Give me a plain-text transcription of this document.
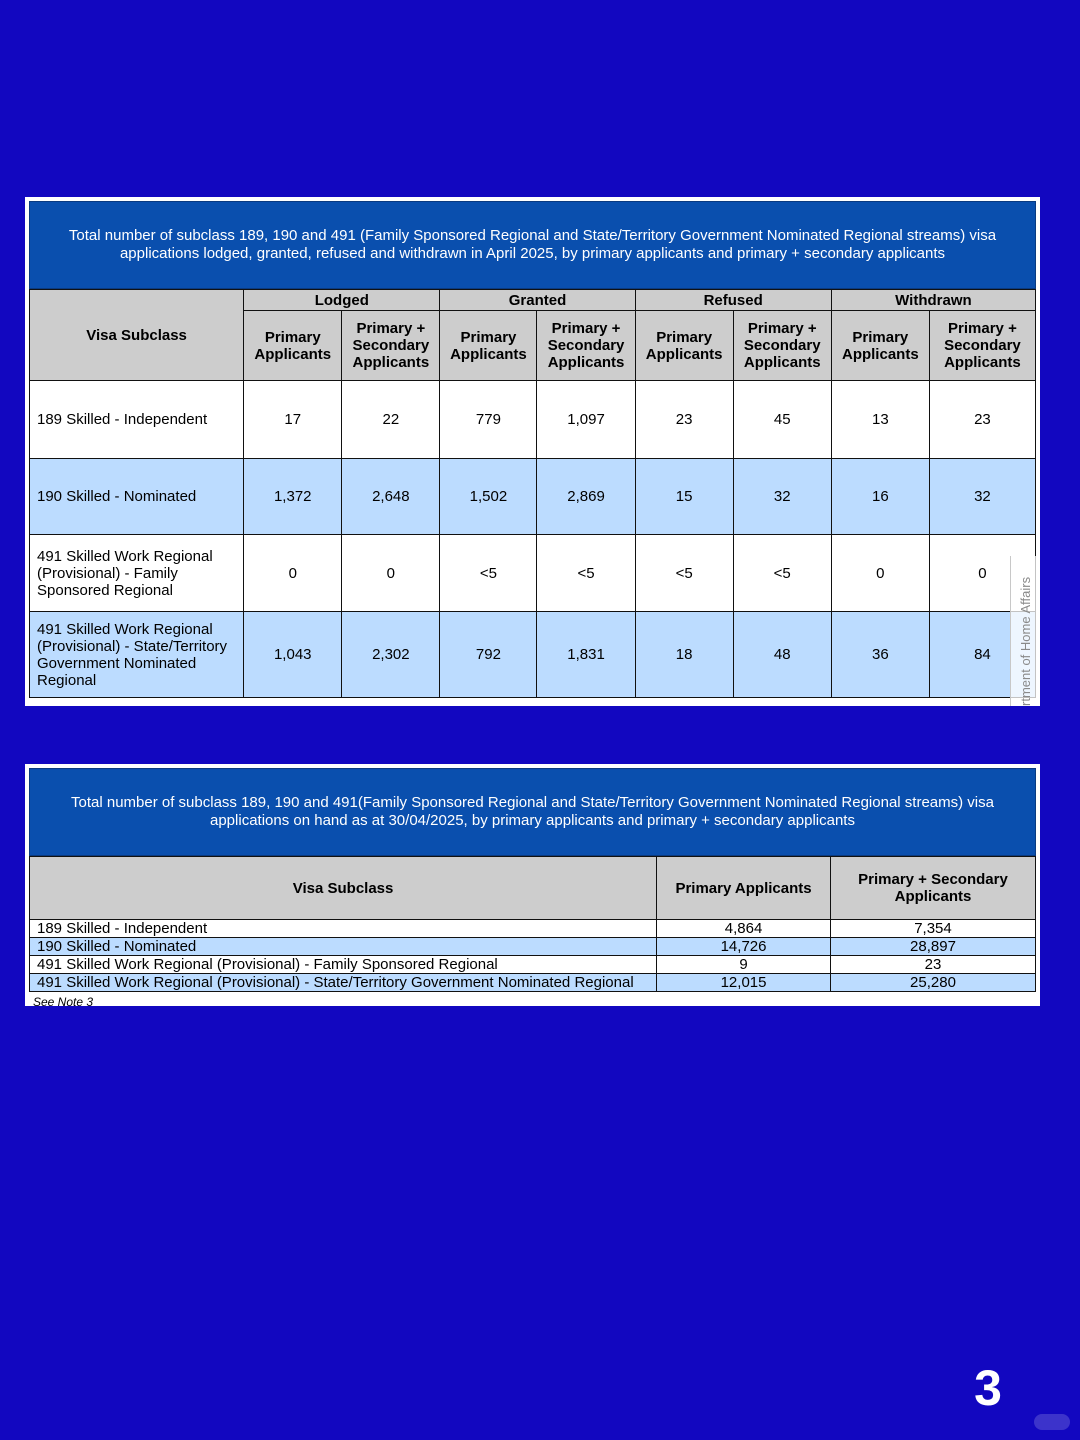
Total number of subclass 189, 190 and 491 (Family Sponsored Regional and State/Territory Government Nominated Regional streams) visa applications lodged, granted, refused and withdrawn in April 2025, by primary applicants and primary + secondary applicants
Visa Subclass	Lodged		Granted		Refused		Withdrawn	
	Primary Applicants	Primary + Secondary Applicants	Primary Applicants	Primary + Secondary Applicants	Primary Applicants	Primary + Secondary Applicants	Primary Applicants	Primary + Secondary Applicants
189 Skilled - Independent	17	22	779	1,097	23	45	13	23
190 Skilled - Nominated	1,372	2,648	1,502	2,869	15	32	16	32
491 Skilled Work Regional (Provisional) - Family Sponsored Regional	0	0	<5	<5	<5	<5	0	0
491 Skilled Work Regional (Provisional) - State/Territory Government Nominated Regional	1,043	2,302	792	1,831	18	48	36	84 rtment of Home Affairs
Total number of subclass 189, 190 and 491(Family Sponsored Regional and State/Territory Government Nominated Regional streams) visa applications on hand as at 30/04/2025, by primary applicants and primary + secondary applicants
Visa Subclass	Primary Applicants	Primary + Secondary Applicants
189 Skilled - Independent	4,864	7,354
190 Skilled - Nominated	14,726	28,897
491 Skilled Work Regional (Provisional) - Family Sponsored Regional	9	23
491 Skilled Work Regional (Provisional) - State/Territory Government Nominated Regional	12,015	25,280
See Note 3
3
